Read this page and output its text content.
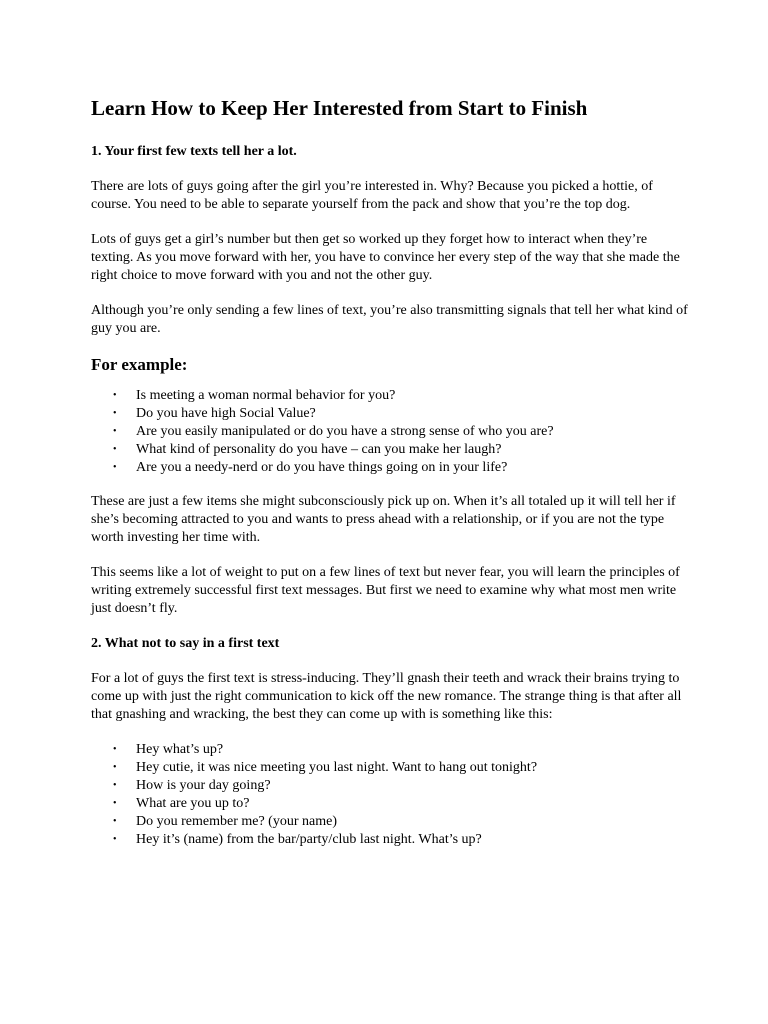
Learn How to Keep Her Interested from Start to Finish
1. Your first few texts tell her a lot.

There are lots of guys going after the girl you’re interested in. Why? Because you picked a hottie, of course. You need to be able to separate yourself from the pack and show that you’re the top dog.

Lots of guys get a girl’s number but then get so worked up they forget how to interact when they’re texting. As you move forward with her, you have to convince her every step of the way that she made the right choice to move forward with you and not the other guy.

Although you’re only sending a few lines of text, you’re also transmitting signals that tell her what kind of guy you are.

For example:
• Is meeting a woman normal behavior for you?
• Do you have high Social Value?
• Are you easily manipulated or do you have a strong sense of who you are?
• What kind of personality do you have – can you make her laugh?
• Are you a needy-nerd or do you have things going on in your life?

These are just a few items she might subconsciously pick up on. When it’s all totaled up it will tell her if she’s becoming attracted to you and wants to press ahead with a relationship, or if you are not the type worth investing her time with.

This seems like a lot of weight to put on a few lines of text but never fear, you will learn the principles of writing extremely successful first text messages. But first we need to examine why what most men write just doesn’t fly.

2. What not to say in a first text

For a lot of guys the first text is stress-inducing. They’ll gnash their teeth and wrack their brains trying to come up with just the right communication to kick off the new romance. The strange thing is that after all that gnashing and wracking, the best they can come up with is something like this:

• Hey what’s up?
• Hey cutie, it was nice meeting you last night. Want to hang out tonight?
• How is your day going?
• What are you up to?
• Do you remember me? (your name)
• Hey it’s (name) from the bar/party/club last night. What’s up?
